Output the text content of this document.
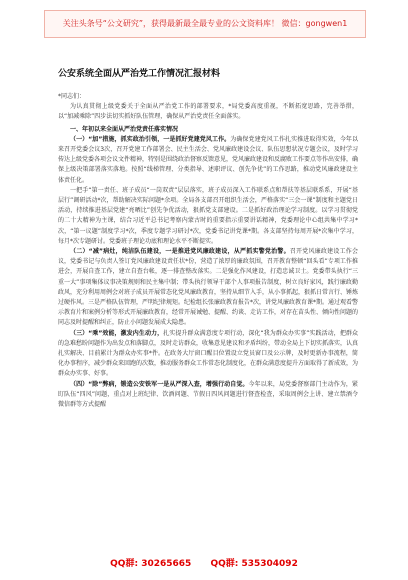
关注头条号“公文研究”，获得最新最全最专业的公文资料库！ 微信：gongwen1
公安系统全面从严治党工作情况汇报材料

*同志们：

为认真贯彻上级党委关于全面从严治党工作的部署要求，*局党委高度重视，不断拓宽思路，完善举措，以“加减乘除”四步法切实抓好队伍管理，确保从严治党责任全面落实。

一、年初以来全面从严治党责任落实情况

（一）“加”措施，抓实政治引领，一是抓好党建党风工作。为确保党建党风工作扎实推进取得实效，今年以来召开党委会议3次，召开党建工作部署会、民主生活会、党风廉政建设会议、队伍思想状况专题会议，及时学习传达上级党委各项会议文件精神，特别是围绕政治督察反馈意见，党风廉政建设和反腐败工作要点等作出安排，确保上级决策部署落实落地。按照“线梯管理、分类指导、述职评议、创先争优”的工作思路，推动党风廉政建设主体责任化。

一把手“第一责任、班子成员“一岗双责”层层落实，班子成员深入工作联系点和帮扶等基层联系系，开展“基层行”调研活动*次，帮助解决实际问题*余项。全局各支部召开组织生活会，严格落实“三会一课”制度和主题党日活动，持续推进基层党建“亮晒比”创先争优活动，狠抓党支部建设。二是抓好政治理论学习制度。以学习贯彻党的二十大精神为主课，结合习近平总书记考察内蒙古时的重要指示重要讲话精神，党委理论中心组共集中学习*次，“第一议题”制度学习*次，季度专题学习研讨*次，党委书记讲党课*期。各支部坚持每周开展*次集中学习，每月*次专题研讨。党委班子理论功底和理论水平不断提实。

（二）“减”病灶，纯洁队伍建设，一是推进党风廉政建设，从严抓实警党治警。召开党风廉政建设工作会议，党委书记与负责人签订党风廉政建设责任状*份，营造了浓厚的廉政氛围，召开教育整顿“回头看”专项工作推进会，开展自查工作，建立自查台帐，逐一排查整改落实。二是强化作风建设，打造忠诚卫士。党委带头执行“三重一大”事项集体议事决策规则和民主集中制；带头执行领导干部个人事项报告制度，树立良好家风，践行廉政勤政风，充分利用周例会对班子成员开展常态化党风廉政教育，坚持从细节入手，从小事抓起，狠抓日常言行、锤炼过硬作风。三是严格队伍管理，严明纪律规矩。纪检组长张廉政教育报告*次，讲党风廉政教育课*期。通过观看警示教育片和案例分析等形式开展廉政教育，经常开展诫勉、提醒、约谈、走访工作，对存在苗头性、倾向性问题的同志及时提醒和纠正，防止小问题发展成大隐患。

（三）“乘”效能，激发内生动力，扎实提升群众满意度专项行动，深化“我为群众办实事”实践活动，把群众的急难愁盼问题作为出发点和落脚点，及时走访群众，收集意见建议和矛盾纠纷，带动全局上下切实抓落实，认真扎实解决、目前累计为群众办实事*件。在政务大厅窗口醒目位置设立党员窗口及公示牌，及时更新办事流程，简化办事程序，减少群众来回跑的次数，推动服务群众工作常态化制度化，在群众满意度提升方面取得了新成效，为群众办实事、好事。

（四）“除”弊病，锻造公安铁军一是从严深入查，增强行动自觉。今年以来，局党委督察部门主动作为，紧盯队伍“四风”问题，重点对上班纪律、饮酒问题、节假日四风问题进行督查检查，采取周例会上讲、建立禁酒令微信群等方式提醒

QQ群: 30265665 QQ群: 535304092
